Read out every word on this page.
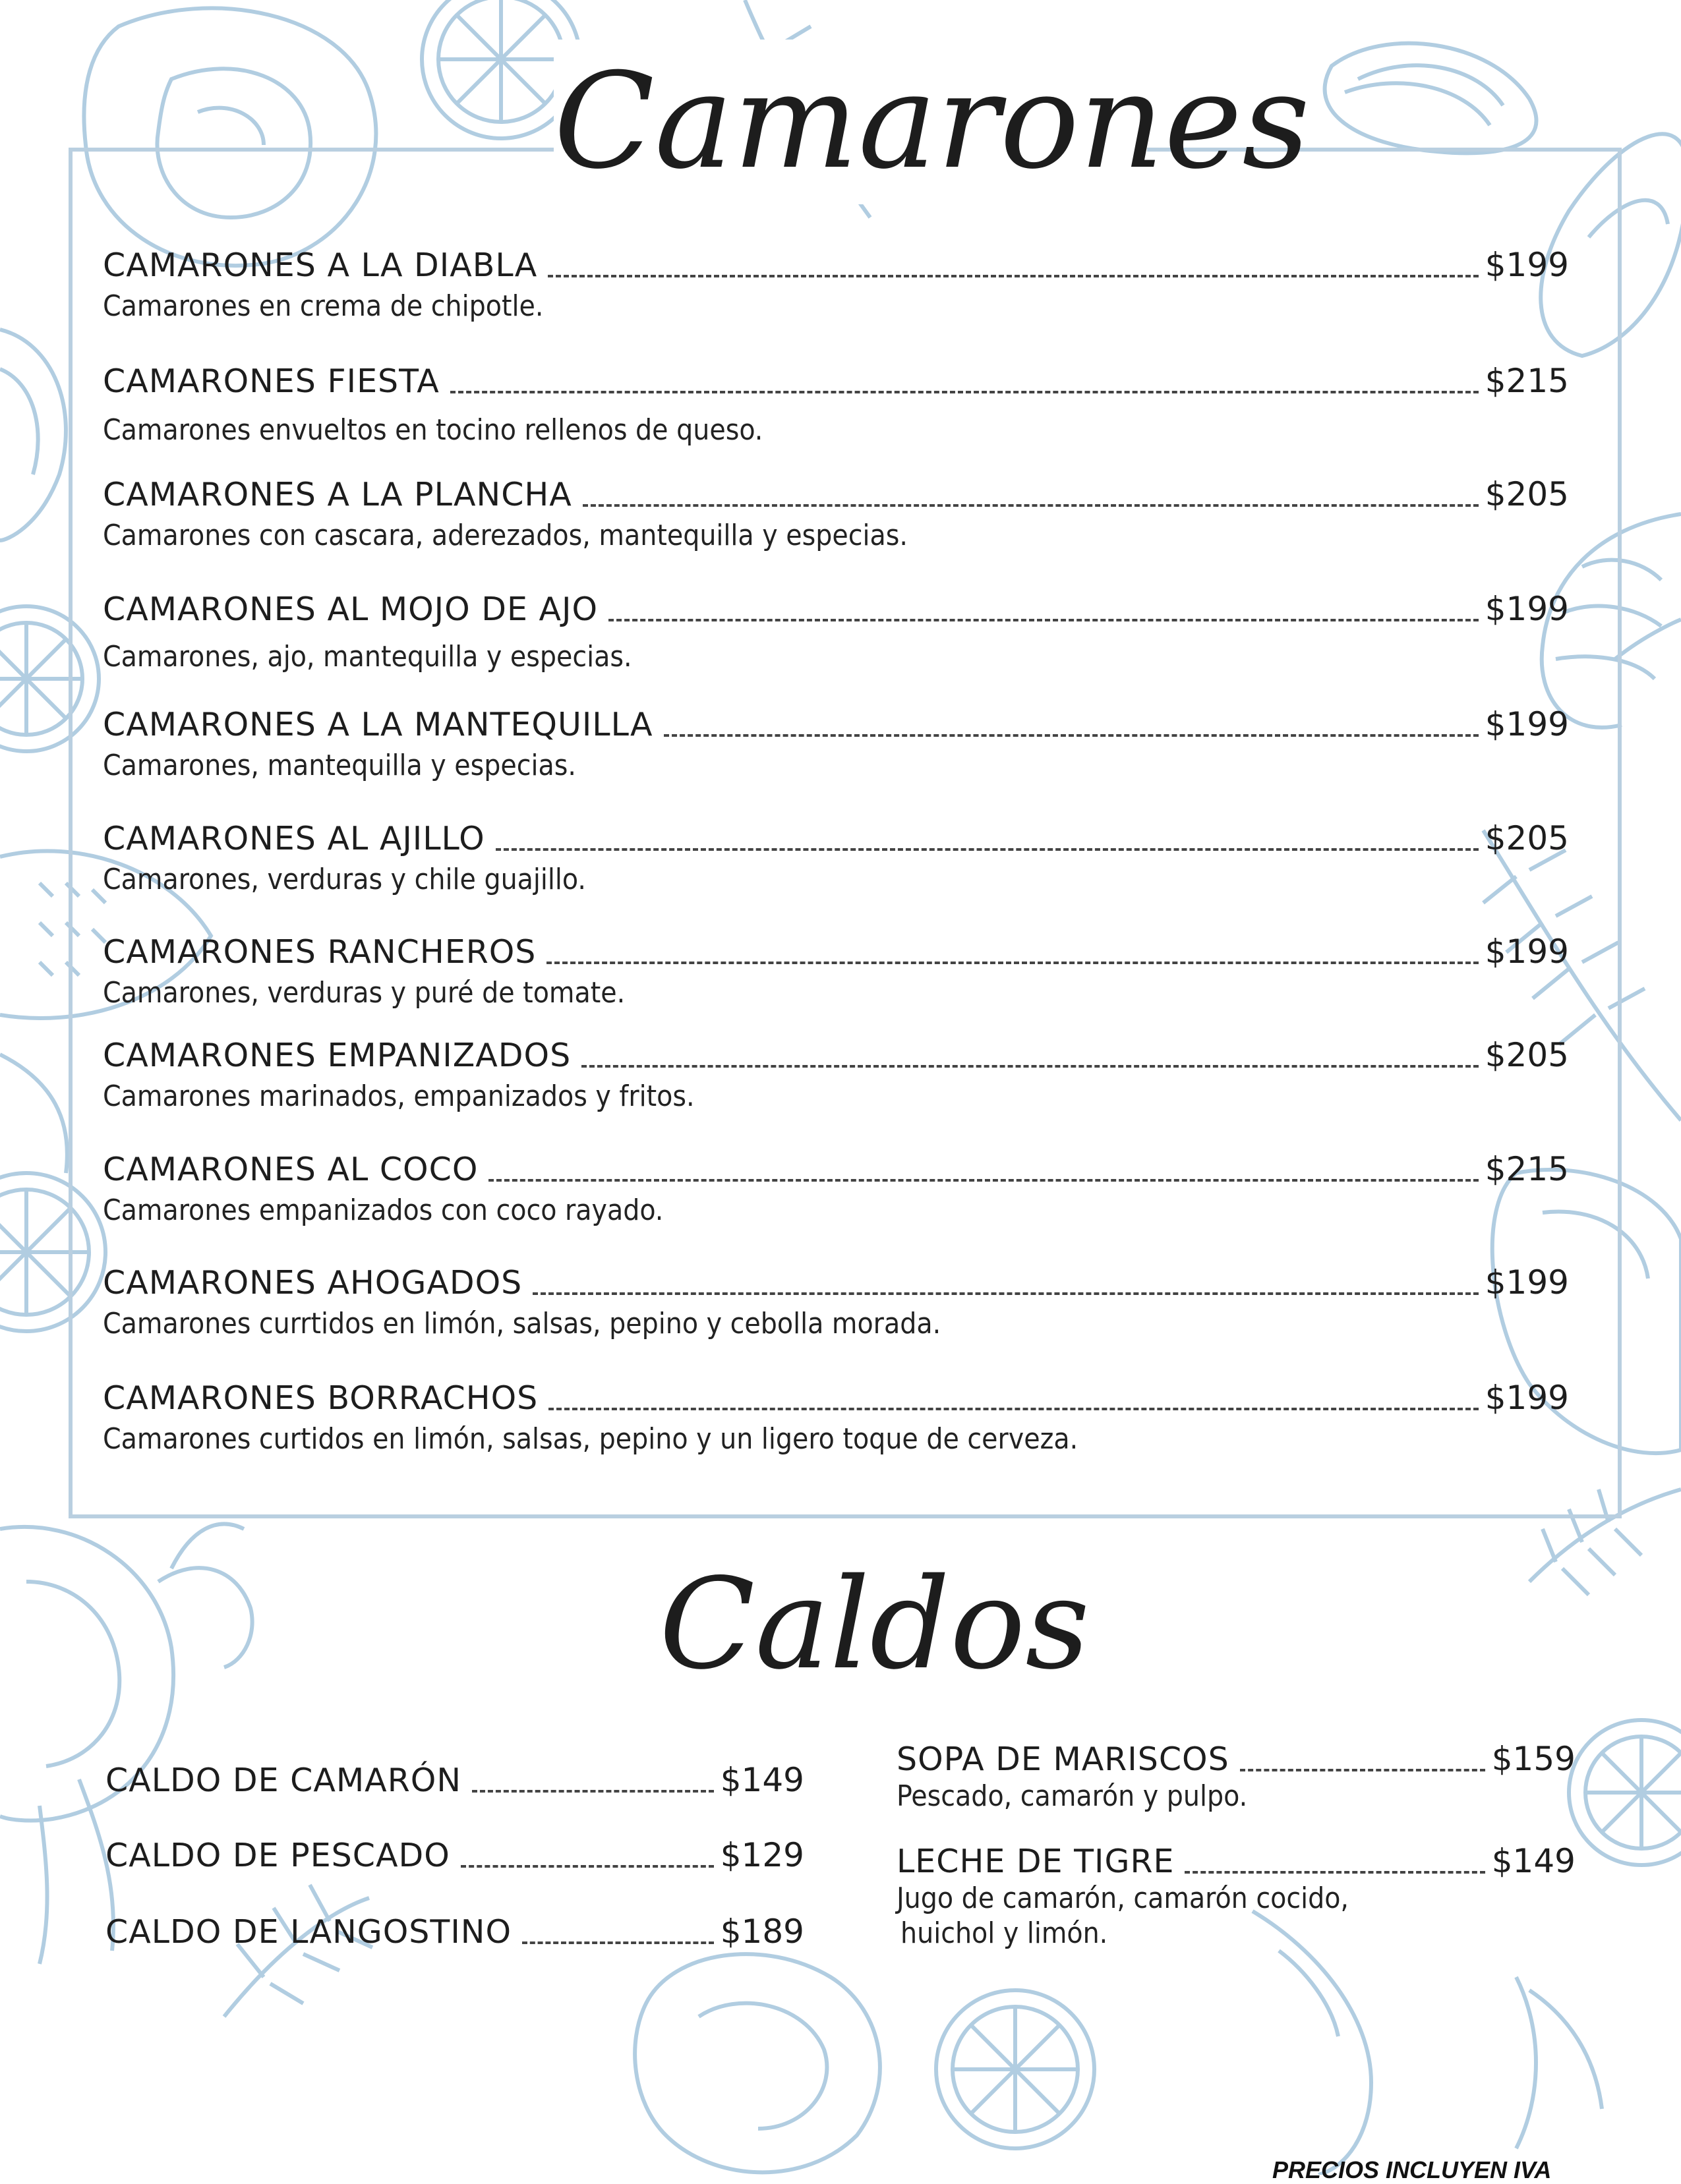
Camarones
CAMARONES A LA DIABLA	$199
Camarones en crema de chipotle.
CAMARONES FIESTA	$215
Camarones envueltos en tocino rellenos de queso.
CAMARONES A LA PLANCHA	$205
Camarones con cascara, aderezados, mantequilla y especias.
CAMARONES AL MOJO DE AJO	$199
Camarones, ajo, mantequilla y especias.
CAMARONES A LA MANTEQUILLA	$199
Camarones, mantequilla y especias.
CAMARONES AL AJILLO	$205
Camarones, verduras y chile guajillo.
CAMARONES RANCHEROS	$199
Camarones, verduras y puré de tomate.
CAMARONES EMPANIZADOS	$205
Camarones marinados, empanizados y fritos.
CAMARONES AL COCO	$215
Camarones empanizados con coco rayado.
CAMARONES AHOGADOS	$199
Camarones currtidos en limón, salsas, pepino y cebolla morada.
CAMARONES BORRACHOS	$199
Camarones curtidos en limón, salsas, pepino y un ligero toque de cerveza.
Caldos
CALDO DE CAMARÓN	$149
CALDO DE PESCADO	$129
CALDO DE LANGOSTINO	$189
SOPA DE MARISCOS	$159
Pescado, camarón y pulpo.
LECHE DE TIGRE	$149
Jugo de camarón, camarón cocido,
huichol y limón.
PRECIOS INCLUYEN IVA
